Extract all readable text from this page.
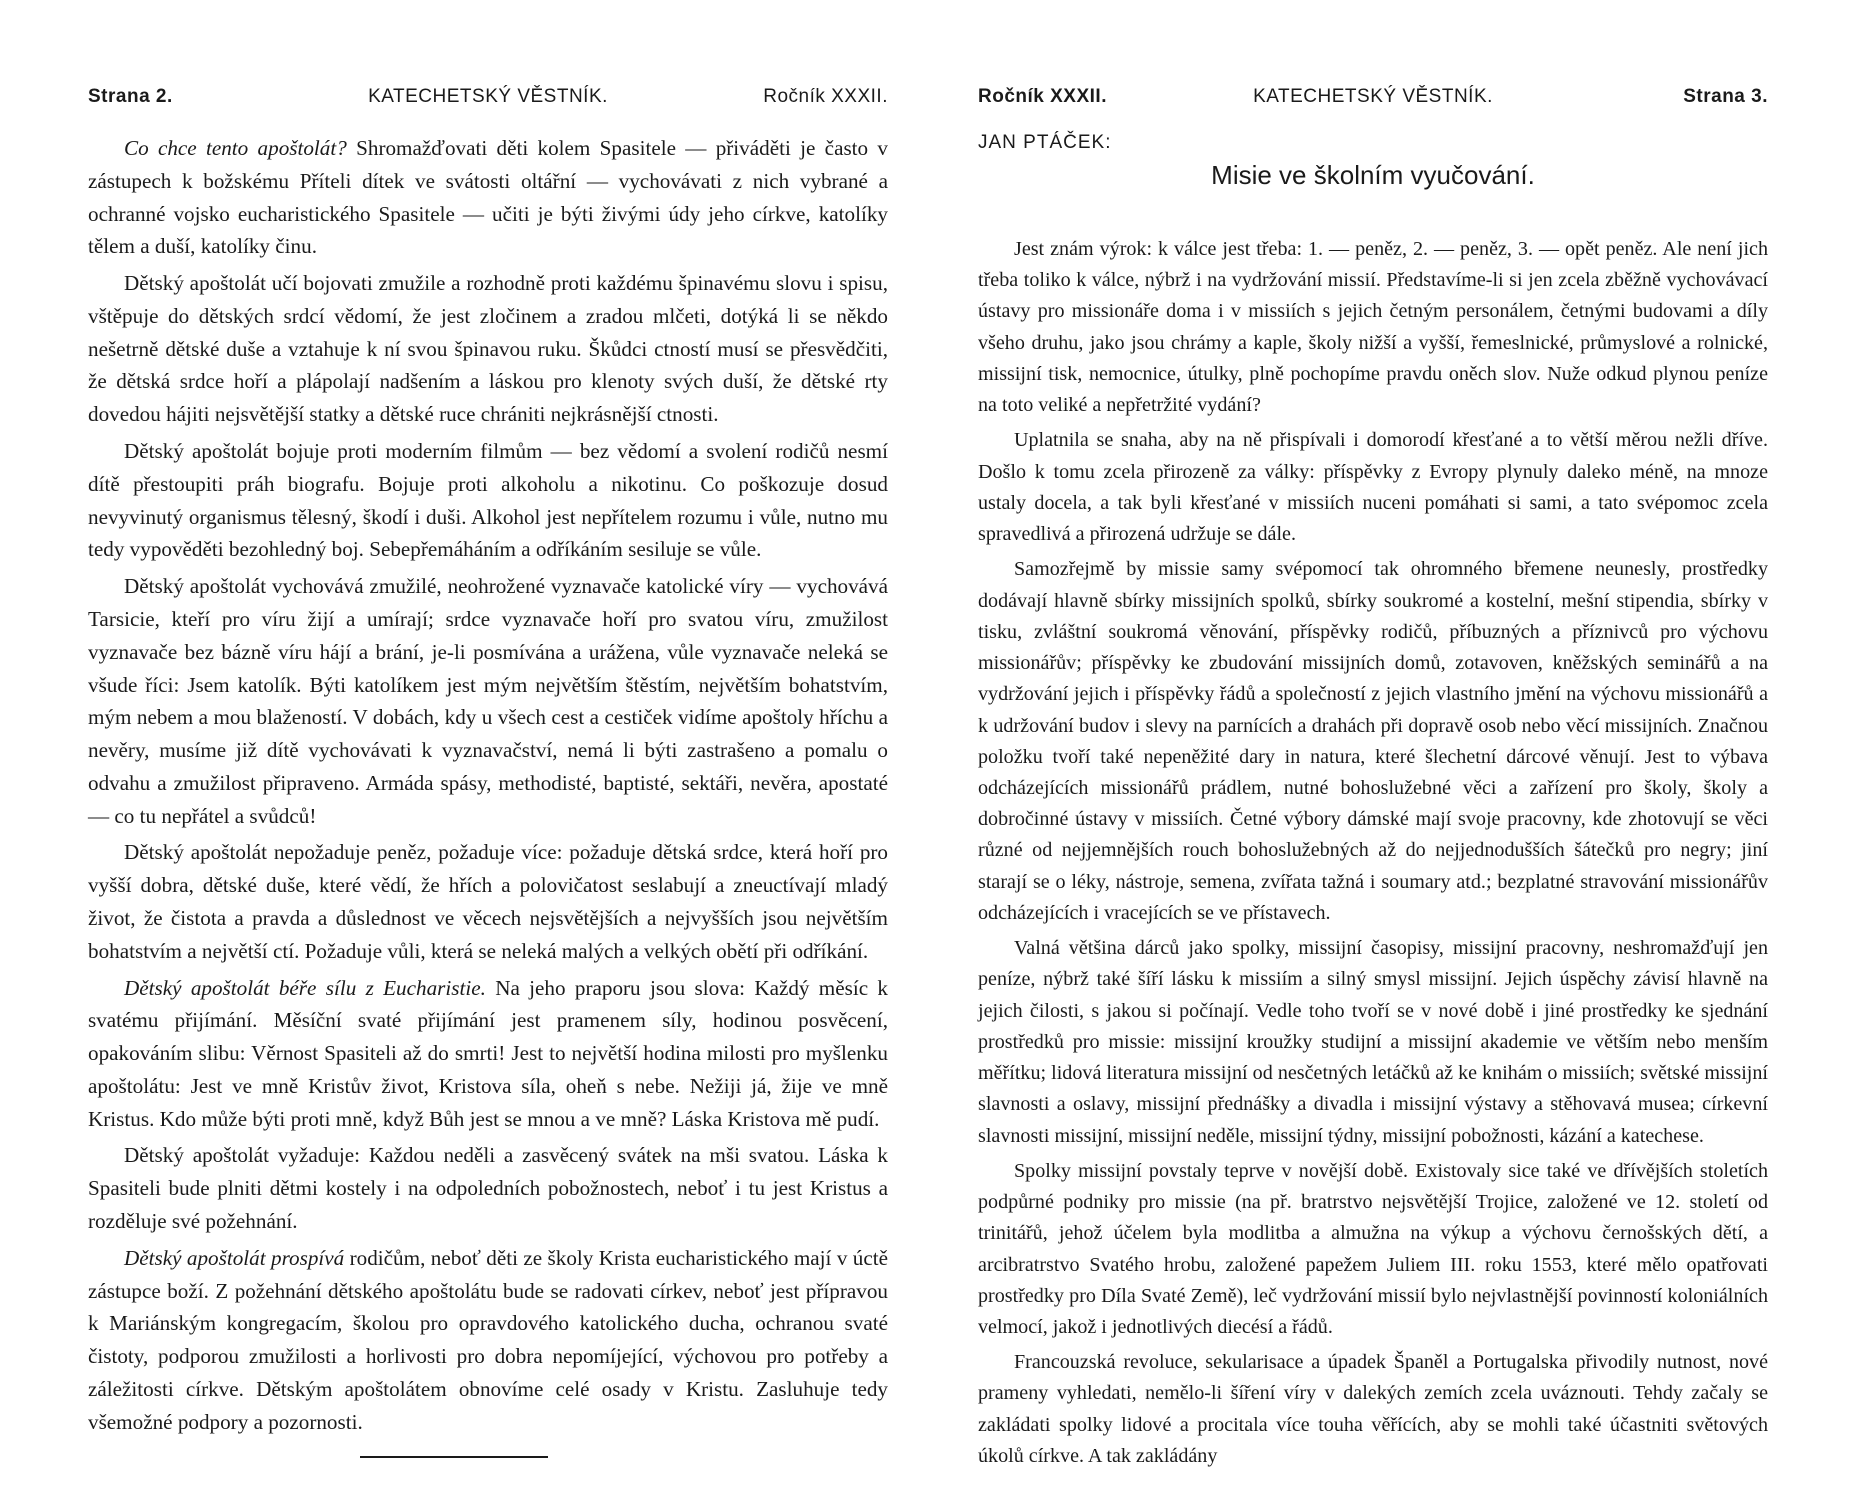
Strana 2.	KATECHETSKÝ VĚSTNÍK.	Ročník XXXII.

Co chce tento apoštolát? Shromažďovati děti kolem Spasitele — přiváděti je často v zástupech k božskému Příteli dítek ve svátosti oltářní — vychovávati z nich vybrané a ochranné vojsko eucharistického Spasitele — učiti je býti živými údy jeho církve, katolíky tělem a duší, katolíky činu.

Dětský apoštolát učí bojovati zmužile a rozhodně proti každému špinavému slovu i spisu, vštěpuje do dětských srdcí vědomí, že jest zločinem a zradou mlčeti, dotýká li se někdo nešetrně dětské duše a vztahuje k ní svou špinavou ruku. Škůdci ctností musí se přesvědčiti, že dětská srdce hoří a plápolají nadšením a láskou pro klenoty svých duší, že dětské rty dovedou hájiti nejsvětější statky a dětské ruce chrániti nejkrásnější ctnosti.

Dětský apoštolát bojuje proti moderním filmům — bez vědomí a svolení rodičů nesmí dítě přestoupiti práh biografu. Bojuje proti alkoholu a nikotinu. Co poškozuje dosud nevyvinutý organismus tělesný, škodí i duši. Alkohol jest nepřítelem rozumu i vůle, nutno mu tedy vypověděti bezohledný boj. Sebepřemáháním a odříkáním sesiluje se vůle.

Dětský apoštolát vychovává zmužilé, neohrožené vyznavače katolické víry — vychovává Tarsicie, kteří pro víru žijí a umírají; srdce vyznavače hoří pro svatou víru, zmužilost vyznavače bez bázně víru hájí a brání, je-li posmívána a urážena, vůle vyznavače neleká se všude říci: Jsem katolík. Býti katolíkem jest mým největším štěstím, největším bohatstvím, mým nebem a mou blažeností. V dobách, kdy u všech cest a cestiček vidíme apoštoly hříchu a nevěry, musíme již dítě vychovávati k vyznavačství, nemá li býti zastrašeno a pomalu o odvahu a zmužilost připraveno. Armáda spásy, methodisté, baptisté, sektáři, nevěra, apostaté — co tu nepřátel a svůdců!

Dětský apoštolát nepožaduje peněz, požaduje více: požaduje dětská srdce, která hoří pro vyšší dobra, dětské duše, které vědí, že hřích a polovičatost seslabují a zneuctívají mladý život, že čistota a pravda a důslednost ve věcech nejsvětějších a nejvyšších jsou největším bohatstvím a největší ctí. Požaduje vůli, která se neleká malých a velkých obětí při odříkání.

Dětský apoštolát béře sílu z Eucharistie. Na jeho praporu jsou slova: Každý měsíc k svatému přijímání. Měsíční svaté přijímání jest pramenem síly, hodinou posvěcení, opakováním slibu: Věrnost Spasiteli až do smrti! Jest to největší hodina milosti pro myšlenku apoštolátu: Jest ve mně Kristův život, Kristova síla, oheň s nebe. Nežiji já, žije ve mně Kristus. Kdo může býti proti mně, když Bůh jest se mnou a ve mně? Láska Kristova mě pudí.

Dětský apoštolát vyžaduje: Každou neděli a zasvěcený svátek na mši svatou. Láska k Spasiteli bude plniti dětmi kostely i na odpoledních pobožnostech, neboť i tu jest Kristus a rozděluje své požehnání.

Dětský apoštolát prospívá rodičům, neboť děti ze školy Krista eucharistického mají v úctě zástupce boží. Z požehnání dětského apoštolátu bude se radovati církev, neboť jest přípravou k Mariánským kongregacím, školou pro opravdového katolického ducha, ochranou svaté čistoty, podporou zmužilosti a horlivosti pro dobra nepomíjející, výchovou pro potřeby a záležitosti církve. Dětským apoštolátem obnovíme celé osady v Kristu. Zasluhuje tedy všemožné podpory a pozornosti.

Ročník XXXII.	KATECHETSKÝ VĚSTNÍK.	Strana 3.
JAN PTÁČEK:
Misie ve školním vyučování.

Jest znám výrok: k válce jest třeba: 1. — peněz, 2. — peněz, 3. — opět peněz. Ale není jich třeba toliko k válce, nýbrž i na vydržování missií. Představíme-li si jen zcela zběžně vychovávací ústavy pro missionáře doma i v missiích s jejich četným personálem, četnými budovami a díly všeho druhu, jako jsou chrámy a kaple, školy nižší a vyšší, řemeslnické, průmyslové a rolnické, missijní tisk, nemocnice, útulky, plně pochopíme pravdu oněch slov. Nuže odkud plynou peníze na toto veliké a nepřetržité vydání?

Uplatnila se snaha, aby na ně přispívali i domorodí křesťané a to větší měrou nežli dříve. Došlo k tomu zcela přirozeně za války: příspěvky z Evropy plynuly daleko méně, na mnoze ustaly docela, a tak byli křesťané v missiích nuceni pomáhati si sami, a tato svépomoc zcela spravedlivá a přirozená udržuje se dále.

Samozřejmě by missie samy svépomocí tak ohromného břemene neunesly, prostředky dodávají hlavně sbírky missijních spolků, sbírky soukromé a kostelní, mešní stipendia, sbírky v tisku, zvláštní soukromá věnování, příspěvky rodičů, příbuzných a příznivců pro výchovu missionářův; příspěvky ke zbudování missijních domů, zotavoven, kněžských seminářů a na vydržování jejich i příspěvky řádů a společností z jejich vlastního jmění na výchovu missionářů a k udržování budov i slevy na parnících a drahách při dopravě osob nebo věcí missijních. Značnou položku tvoří také nepeněžité dary in natura, které šlechetní dárcové věnují. Jest to výbava odcházejících missionářů prádlem, nutné bohoslužebné věci a zařízení pro školy, školy a dobročinné ústavy v missiích. Četné výbory dámské mají svoje pracovny, kde zhotovují se věci různé od nejjemnějších rouch bohoslužebných až do nejjednodušších šátečků pro negry; jiní starají se o léky, nástroje, semena, zvířata tažná i soumary atd.; bezplatné stravování missionářův odcházejících i vracejících se ve přístavech.

Valná většina dárců jako spolky, missijní časopisy, missijní pracovny, neshromažďují jen peníze, nýbrž také šíří lásku k missiím a silný smysl missijní. Jejich úspěchy závisí hlavně na jejich čilosti, s jakou si počínají. Vedle toho tvoří se v nové době i jiné prostředky ke sjednání prostředků pro missie: missijní kroužky studijní a missijní akademie ve větším nebo menším měřítku; lidová literatura missijní od nesčetných letáčků až ke knihám o missiích; světské missijní slavnosti a oslavy, missijní přednášky a divadla i missijní výstavy a stěhovavá musea; církevní slavnosti missijní, missijní neděle, missijní týdny, missijní pobožnosti, kázání a katechese.

Spolky missijní povstaly teprve v novější době. Existovaly sice také ve dřívějších stoletích podpůrné podniky pro missie (na př. bratrstvo nejsvětější Trojice, založené ve 12. století od trinitářů, jehož účelem byla modlitba a almužna na výkup a výchovu černošských dětí, a arcibratrstvo Svatého hrobu, založené papežem Juliem III. roku 1553, které mělo opatřovati prostředky pro Díla Svaté Země), leč vydržování missií bylo nejvlastnější povinností koloniálních velmocí, jakož i jednotlivých diecésí a řádů.

Francouzská revoluce, sekularisace a úpadek Španěl a Portugalska přivodily nutnost, nové prameny vyhledati, nemělo-li šíření víry v dalekých zemích zcela uváznouti. Tehdy začaly se zakládati spolky lidové a procitala více touha věřících, aby se mohli také účastniti světových úkolů církve. A tak zakládány
